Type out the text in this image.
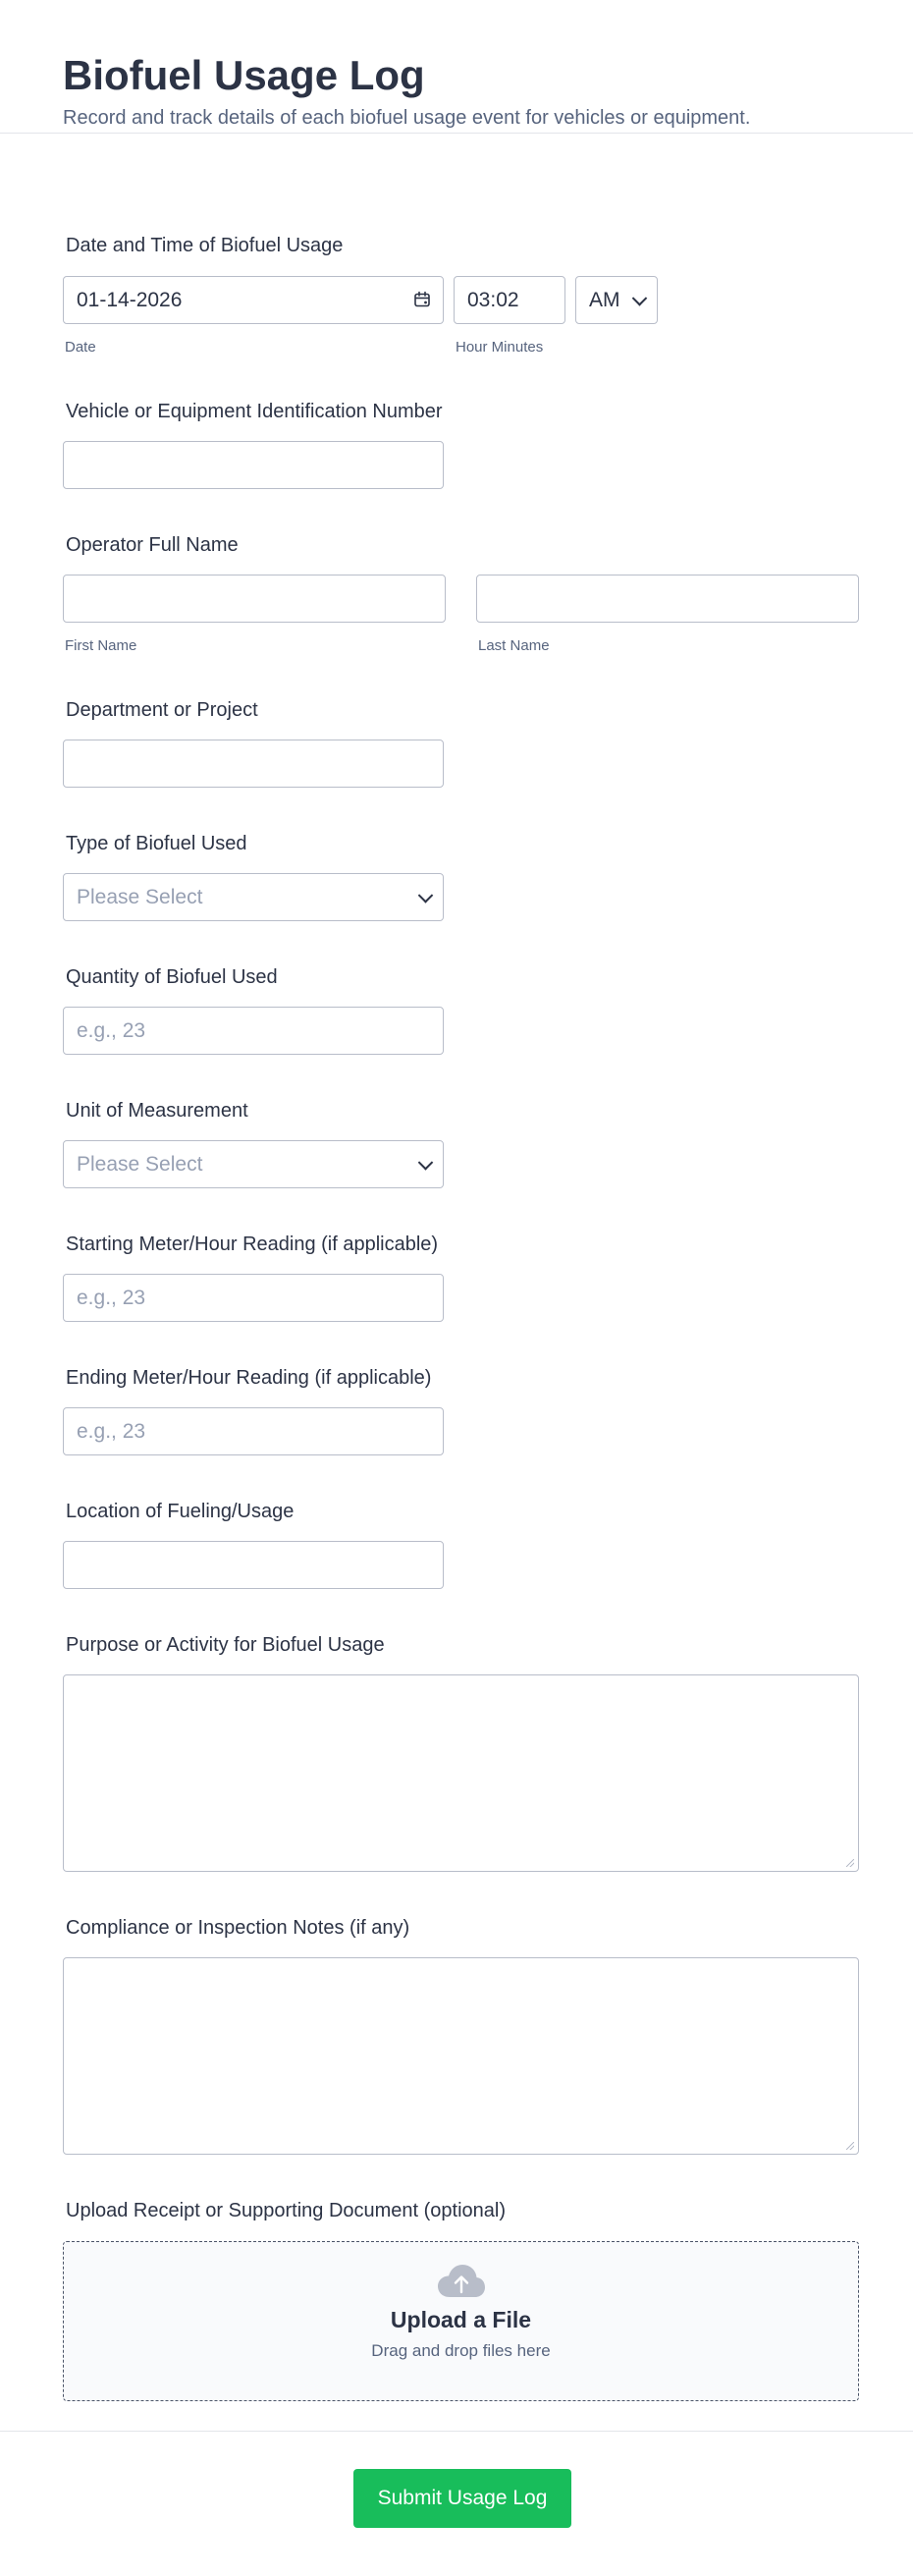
Biofuel Usage Log
Record and track details of each biofuel usage event for vehicles or equipment.
Date and Time of Biofuel Usage
01-14-2026	03:02	AM
Date	Hour Minutes
Vehicle or Equipment Identification Number
Operator Full Name
First Name	Last Name
Department or Project
Type of Biofuel Used
Please Select
Quantity of Biofuel Used
e.g., 23
Unit of Measurement
Please Select
Starting Meter/Hour Reading (if applicable)
e.g., 23
Ending Meter/Hour Reading (if applicable)
e.g., 23
Location of Fueling/Usage
Purpose or Activity for Biofuel Usage
Compliance or Inspection Notes (if any)
Upload Receipt or Supporting Document (optional)
Upload a File
Drag and drop files here
Submit Usage Log
